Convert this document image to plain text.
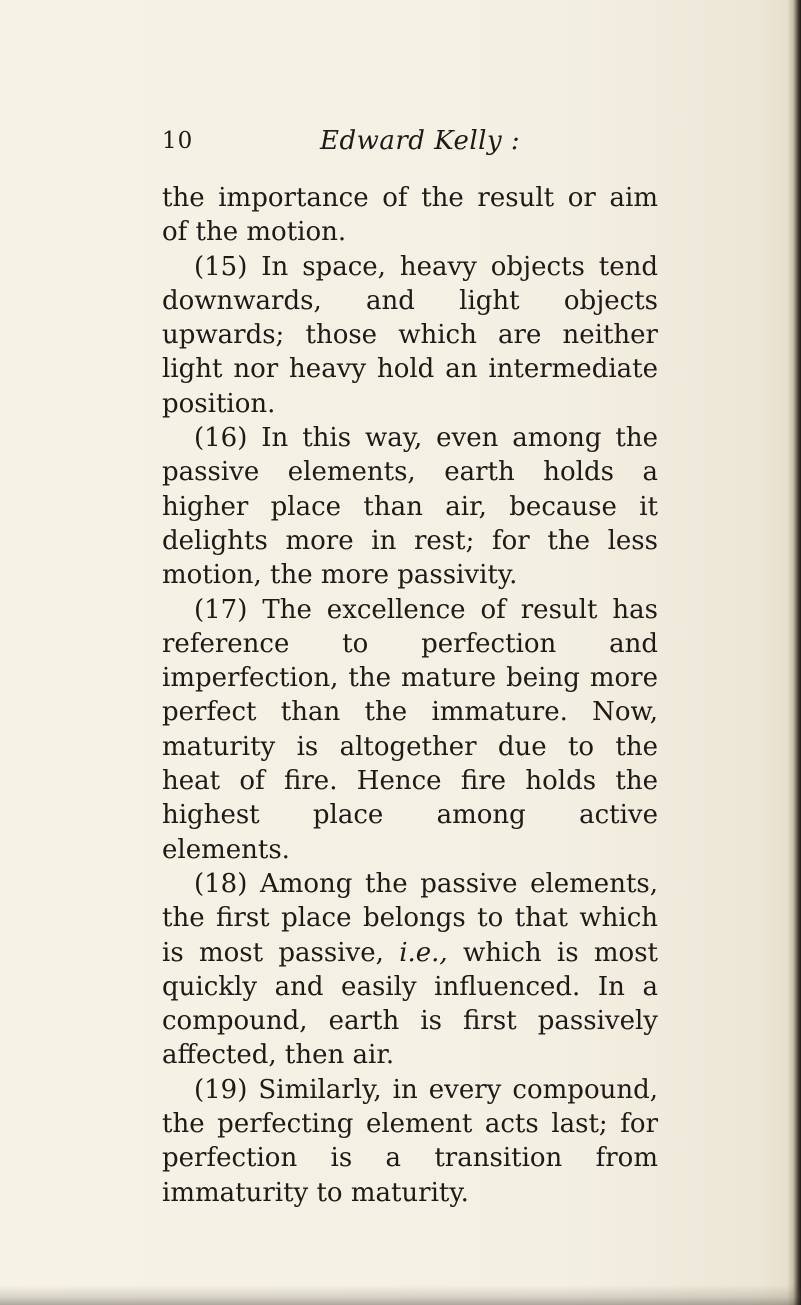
10	Edward Kelly :

the importance of the result or aim of the motion.

(15) In space, heavy objects tend downwards, and light objects upwards; those which are neither light nor heavy hold an intermediate position.

(16) In this way, even among the passive elements, earth holds a higher place than air, because it delights more in rest; for the less motion, the more passivity.

(17) The excellence of result has reference to perfection and imperfection, the mature being more perfect than the immature. Now, maturity is altogether due to the heat of fire. Hence fire holds the highest place among active elements.

(18) Among the passive elements, the first place belongs to that which is most passive, i.e., which is most quickly and easily influenced. In a compound, earth is first passively affected, then air.

(19) Similarly, in every compound, the perfecting element acts last; for perfection is a transition from immaturity to maturity.
